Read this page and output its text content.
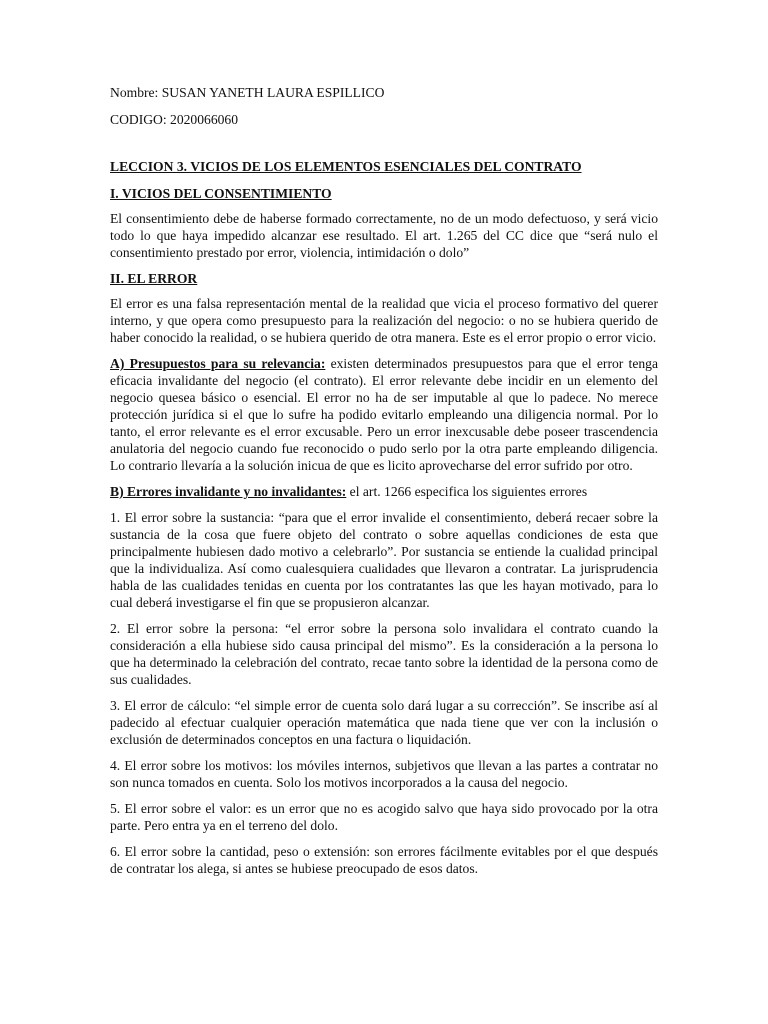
Nombre: SUSAN YANETH LAURA ESPILLICO

CODIGO: 2020066060

LECCION 3. VICIOS DE LOS ELEMENTOS ESENCIALES DEL CONTRATO

I. VICIOS DEL CONSENTIMIENTO

El consentimiento debe de haberse formado correctamente, no de un modo defectuoso, y será vicio todo lo que haya impedido alcanzar ese resultado. El art. 1.265 del CC dice que “será nulo el consentimiento prestado por error, violencia, intimidación o dolo”

II. EL ERROR

El error es una falsa representación mental de la realidad que vicia el proceso formativo del querer interno, y que opera como presupuesto para la realización del negocio: o no se hubiera querido de haber conocido la realidad, o se hubiera querido de otra manera. Este es el error propio o error vicio.

A) Presupuestos para su relevancia: existen determinados presupuestos para que el error tenga eficacia invalidante del negocio (el contrato). El error relevante debe incidir en un elemento del negocio quesea básico o esencial. El error no ha de ser imputable al que lo padece. No merece protección jurídica si el que lo sufre ha podido evitarlo empleando una diligencia normal. Por lo tanto, el error relevante es el error excusable. Pero un error inexcusable debe poseer trascendencia anulatoria del negocio cuando fue reconocido o pudo serlo por la otra parte empleando diligencia. Lo contrario llevaría a la solución inicua de que es licito aprovecharse del error sufrido por otro.

B) Errores invalidante y no invalidantes: el art. 1266 especifica los siguientes errores

1. El error sobre la sustancia: “para que el error invalide el consentimiento, deberá recaer sobre la sustancia de la cosa que fuere objeto del contrato o sobre aquellas condiciones de esta que principalmente hubiesen dado motivo a celebrarlo”. Por sustancia se entiende la cualidad principal que la individualiza. Así como cualesquiera cualidades que llevaron a contratar. La jurisprudencia habla de las cualidades tenidas en cuenta por los contratantes las que les hayan motivado, para lo cual deberá investigarse el fin que se propusieron alcanzar.

2. El error sobre la persona: “el error sobre la persona solo invalidara el contrato cuando la consideración a ella hubiese sido causa principal del mismo”. Es la consideración a la persona lo que ha determinado la celebración del contrato, recae tanto sobre la identidad de la persona como de sus cualidades.

3. El error de cálculo: “el simple error de cuenta solo dará lugar a su corrección”. Se inscribe así al padecido al efectuar cualquier operación matemática que nada tiene que ver con la inclusión o exclusión de determinados conceptos en una factura o liquidación.

4. El error sobre los motivos: los móviles internos, subjetivos que llevan a las partes a contratar no son nunca tomados en cuenta. Solo los motivos incorporados a la causa del negocio.

5. El error sobre el valor: es un error que no es acogido salvo que haya sido provocado por la otra parte. Pero entra ya en el terreno del dolo.

6. El error sobre la cantidad, peso o extensión: son errores fácilmente evitables por el que después de contratar los alega, si antes se hubiese preocupado de esos datos.
